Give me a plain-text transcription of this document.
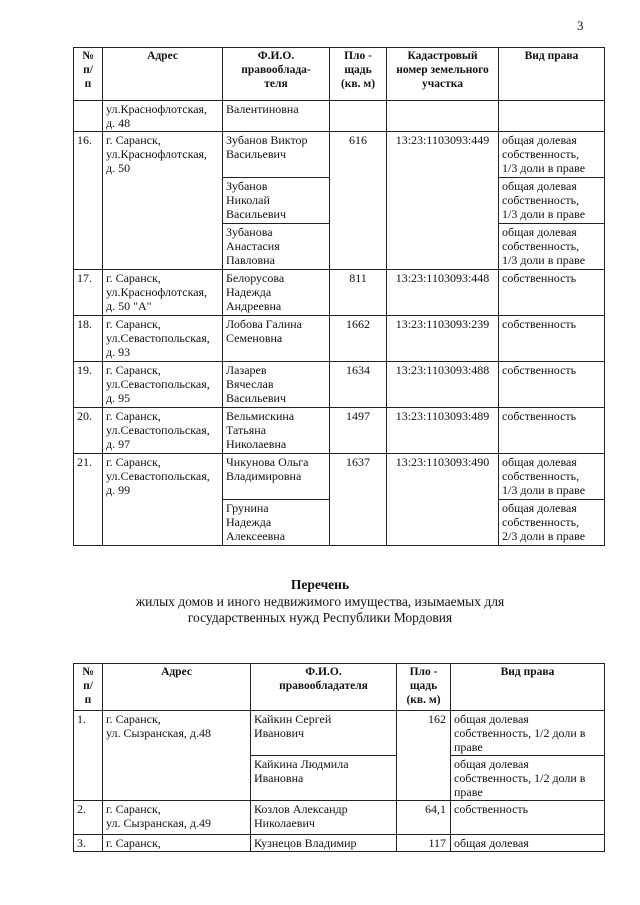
3
№
п/
п	Адрес	Ф.И.О.
правооблада-
теля	Пло -
щадь
(кв. м)	Кадастровый
номер земельного
участка	Вид права
	ул.Краснофлотская,
д. 48	Валентиновна			
16.	г. Саранск,
ул.Краснофлотская,
д. 50	Зубанов Виктор
Васильевич	616	13:23:1103093:449	общая долевая
собственность,
1/3 доли в праве
		Зубанов
Николай
Васильевич			общая долевая
собственность,
1/3 доли в праве
		Зубанова
Анастасия
Павловна			общая долевая
собственность,
1/3 доли в праве
17.	г. Саранск,
ул.Краснофлотская,
д. 50 "А"	Белорусова
Надежда
Андреевна	811	13:23:1103093:448	собственность
18.	г. Саранск,
ул.Севастопольская,
д. 93	Лобова Галина
Семеновна	1662	13:23:1103093:239	собственность
19.	г. Саранск,
ул.Севастопольская,
д. 95	Лазарев
Вячеслав
Васильевич	1634	13:23:1103093:488	собственность
20.	г. Саранск,
ул.Севастопольская,
д. 97	Вельмискина
Татьяна
Николаевна	1497	13:23:1103093:489	собственность
21.	г. Саранск,
ул.Севастопольская,
д. 99	Чикунова Ольга
Владимировна	1637	13:23:1103093:490	общая долевая
собственность,
1/3 доли в праве
		Грунина
Надежда
Алексеевна			общая долевая
собственность,
2/3 доли в праве
Перечень
жилых домов и иного недвижимого имущества, изымаемых для
государственных нужд Республики Мордовия
№
п/
п	Адрес	Ф.И.О.
правообладателя	Пло -
щадь
(кв. м)	Вид права
1.	г. Саранск,
ул. Сызранская, д.48	Кайкин Сергей
Иванович	162	общая долевая
собственность, 1/2 доли в
праве
		Кайкина Людмила
Ивановна		общая долевая
собственность, 1/2 доли в
праве
2.	г. Саранск,
ул. Сызранская, д.49	Козлов Александр
Николаевич	64,1	собственность
3.	г. Саранск,	Кузнецов Владимир	117	общая долевая
